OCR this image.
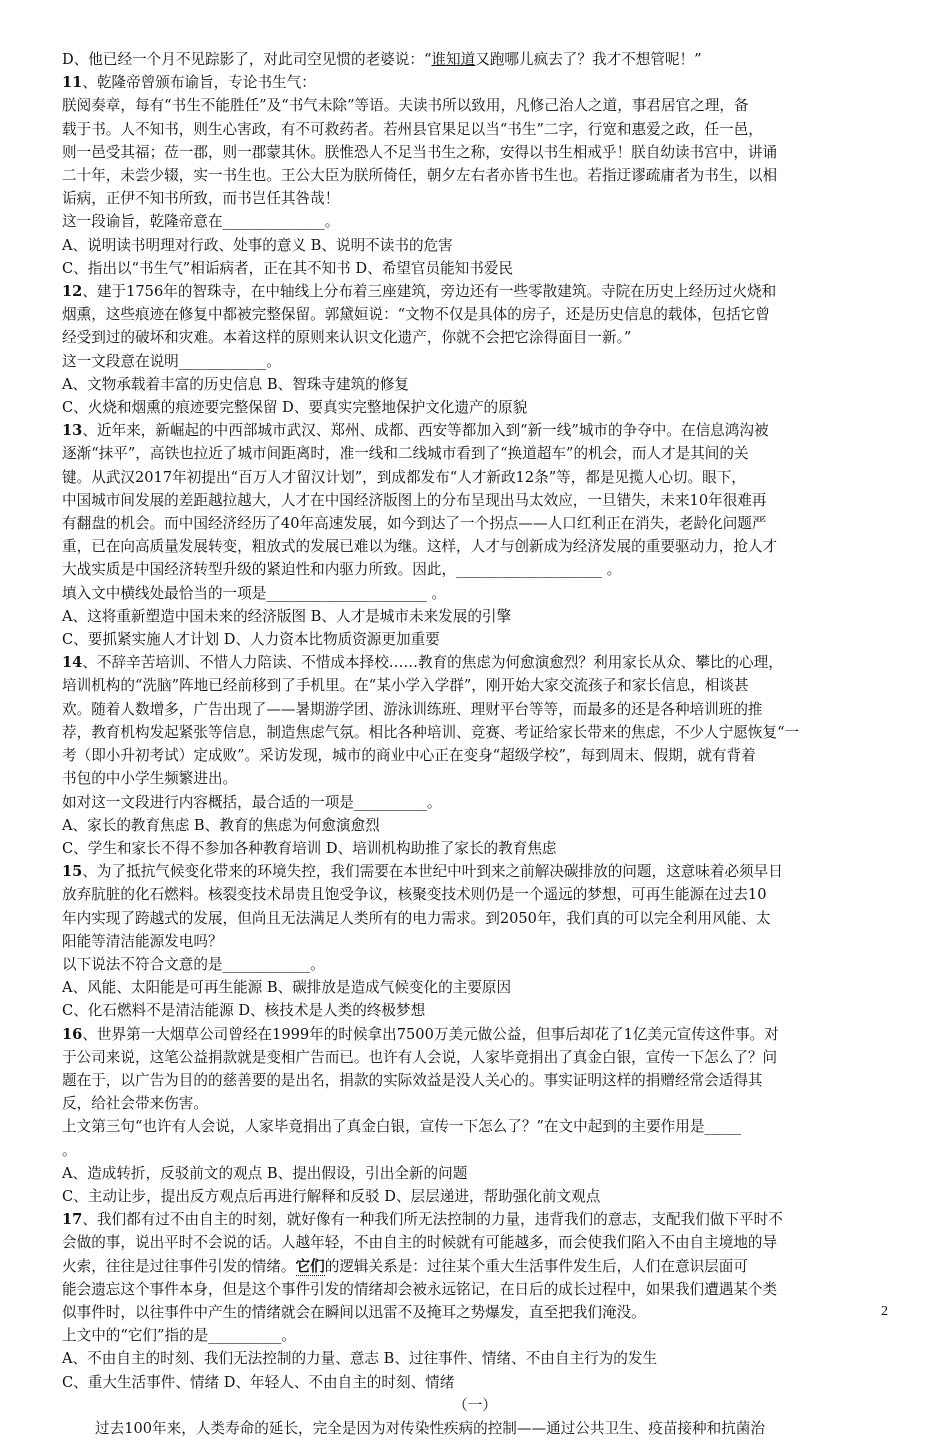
D、他已经一个月不见踪影了，对此司空见惯的老婆说：“谁知道又跑哪儿疯去了？我才不想管呢！”
11、乾隆帝曾颁布谕旨，专论书生气：
朕阅奏章，每有“书生不能胜任”及“书气未除”等语。夫读书所以致用，凡修己治人之道，事君居官之理，备
载于书。人不知书，则生心害政，有不可救药者。若州县官果足以当“书生”二字，行宽和惠爱之政，任一邑，
则一邑受其福；莅一郡，则一郡蒙其休。朕惟恐人不足当书生之称，安得以书生相戒乎！朕自幼读书宫中，讲诵
二十年，未尝少辍，实一书生也。王公大臣为朕所倚任，朝夕左右者亦皆书生也。若指迂谬疏庸者为书生，以相
诟病，正伊不知书所致，而书岂任其咎哉！
这一段谕旨，乾隆帝意在______________。
A、说明读书明理对行政、处事的意义 B、说明不读书的危害
C、指出以“书生气”相诟病者，正在其不知书 D、希望官员能知书爱民
12、建于1756年的智珠寺，在中轴线上分布着三座建筑，旁边还有一些零散建筑。寺院在历史上经历过火烧和
烟熏，这些痕迹在修复中都被完整保留。郭黛姮说：“文物不仅是具体的房子，还是历史信息的载体，包括它曾
经受到过的破坏和灾难。本着这样的原则来认识文化遗产，你就不会把它涂得面目一新。”
这一文段意在说明____________。
A、文物承载着丰富的历史信息 B、智珠寺建筑的修复
C、火烧和烟熏的痕迹要完整保留 D、要真实完整地保护文化遗产的原貌
13、近年来，新崛起的中西部城市武汉、郑州、成都、西安等都加入到“新一线”城市的争夺中。在信息鸿沟被
逐渐“抹平”，高铁也拉近了城市间距离时，准一线和二线城市看到了“换道超车”的机会，而人才是其间的关
键。从武汉2017年初提出“百万人才留汉计划”，到成都发布“人才新政12条”等，都是见揽人心切。眼下，
中国城市间发展的差距越拉越大，人才在中国经济版图上的分布呈现出马太效应，一旦错失，未来10年很难再
有翻盘的机会。而中国经济经历了40年高速发展，如今到达了一个拐点——人口红利正在消失，老龄化问题严
重，已在向高质量发展转变，粗放式的发展已难以为继。这样，人才与创新成为经济发展的重要驱动力，抢人才
大战实质是中国经济转型升级的紧迫性和内驱力所致。因此，____________________ 。
填入文中横线处最恰当的一项是______________________ 。
A、这将重新塑造中国未来的经济版图 B、人才是城市未来发展的引擎
C、要抓紧实施人才计划 D、人力资本比物质资源更加重要
14、不辞辛苦培训、不惜人力陪读、不惜成本择校……教育的焦虑为何愈演愈烈？利用家长从众、攀比的心理，
培训机构的“洗脑”阵地已经前移到了手机里。在“某小学入学群”，刚开始大家交流孩子和家长信息，相谈甚
欢。随着人数增多，广告出现了——暑期游学团、游泳训练班、理财平台等等，而最多的还是各种培训班的推
荐，教育机构发起紧张等信息，制造焦虑气氛。相比各种培训、竞赛、考证给家长带来的焦虑，不少人宁愿恢复“一
考（即小升初考试）定成败”。采访发现，城市的商业中心正在变身“超级学校”，每到周末、假期，就有背着
书包的中小学生频繁进出。
如对这一文段进行内容概括，最合适的一项是__________。
A、家长的教育焦虑 B、教育的焦虑为何愈演愈烈
C、学生和家长不得不参加各种教育培训 D、培训机构助推了家长的教育焦虑
15、为了抵抗气候变化带来的环境失控，我们需要在本世纪中叶到来之前解决碳排放的问题，这意味着必须早日
放弃肮脏的化石燃料。核裂变技术昂贵且饱受争议，核聚变技术则仍是一个遥远的梦想，可再生能源在过去10
年内实现了跨越式的发展，但尚且无法满足人类所有的电力需求。到2050年，我们真的可以完全利用风能、太
阳能等清洁能源发电吗？
以下说法不符合文意的是____________。
A、风能、太阳能是可再生能源 B、碳排放是造成气候变化的主要原因
C、化石燃料不是清洁能源 D、核技术是人类的终极梦想
16、世界第一大烟草公司曾经在1999年的时候拿出7500万美元做公益，但事后却花了1亿美元宣传这件事。对
于公司来说，这笔公益捐款就是变相广告而已。也许有人会说，人家毕竟捐出了真金白银，宣传一下怎么了？问
题在于，以广告为目的的慈善要的是出名，捐款的实际效益是没人关心的。事实证明这样的捐赠经常会适得其
反，给社会带来伤害。
上文第三句“也许有人会说，人家毕竟捐出了真金白银，宣传一下怎么了？”在文中起到的主要作用是_____
。
A、造成转折，反驳前文的观点 B、提出假设，引出全新的问题
C、主动让步，提出反方观点后再进行解释和反驳 D、层层递进，帮助强化前文观点
17、我们都有过不由自主的时刻，就好像有一种我们所无法控制的力量，违背我们的意志，支配我们做下平时不
会做的事，说出平时不会说的话。人越年轻，不由自主的时候就有可能越多，而会使我们陷入不由自主境地的导
火索，往往是过往事件引发的情绪。它们的逻辑关系是：过往某个重大生活事件发生后，人们在意识层面可
能会遗忘这个事件本身，但是这个事件引发的情绪却会被永远铭记，在日后的成长过程中，如果我们遭遇某个类
似事件时，以往事件中产生的情绪就会在瞬间以迅雷不及掩耳之势爆发，直至把我们淹没。
上文中的“它们”指的是__________。
A、不由自主的时刻、我们无法控制的力量、意志 B、过往事件、情绪、不由自主行为的发生
C、重大生活事件、情绪 D、年轻人、不由自主的时刻、情绪
（一）
过去100年来，人类寿命的延长，完全是因为对传染性疾病的控制——通过公共卫生、疫苗接种和抗菌治
2
